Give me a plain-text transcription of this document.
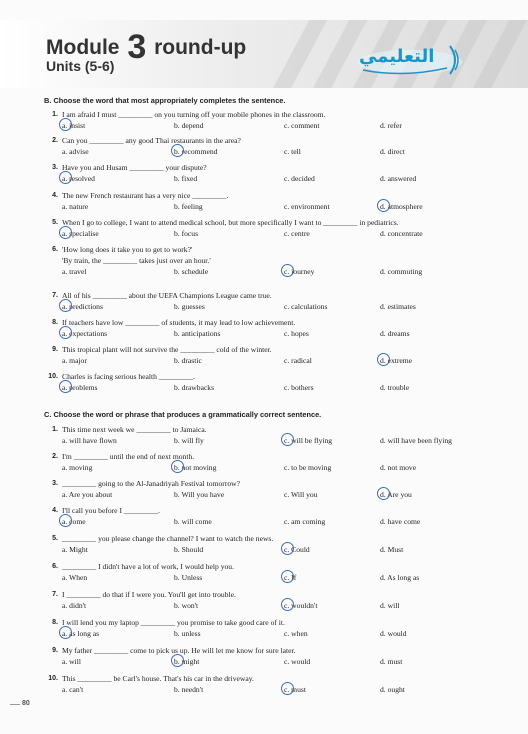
Module 3 round-up
Units (5-6)	التعليمي
B. Choose the word that most appropriately completes the sentence.
1. I am afraid I must _________ on you turning off your mobile phones in the classroom.
a. insist	b. depend	c. comment	d. refer
2. Can you _________ any good Thai restaurants in the area?
a. advise	b. recommend	c. tell	d. direct
3. Have you and Husam _________ your dispute?
a. resolved	b. fixed	c. decided	d. answered
4. The new French restaurant has a very nice _________.
a. nature	b. feeling	c. environment	d. atmosphere
5. When I go to college, I want to attend medical school, but more specifically I want to _________ in pediatrics.
a. specialise	b. focus	c. centre	d. concentrate
6. 'How long does it take you to get to work?'
'By train, the _________ takes just over an hour.'
a. travel	b. schedule	c. journey	d. commuting
7. All of his _________ about the UEFA Champions League came true.
a. predictions	b. guesses	c. calculations	d. estimates
8. If teachers have low _________ of students, it may lead to low achievement.
a. expectations	b. anticipations	c. hopes	d. dreams
9. This tropical plant will not survive the _________ cold of the winter.
a. major	b. drastic	c. radical	d. extreme
10. Charles is facing serious health _________.
a. problems	b. drawbacks	c. bothers	d. trouble
C. Choose the word or phrase that produces a grammatically correct sentence.
1. This time next week we _________ to Jamaica.
a. will have flown	b. will fly	c. will be flying	d. will have been flying
2. I'm _________ until the end of next month.
a. moving	b. not moving	c. to be moving	d. not move
3. _________ going to the Al-Janadriyah Festival tomorrow?
a. Are you about	b. Will you have	c. Will you	d. Are you
4. I'll call you before I _________.
a. come	b. will come	c. am coming	d. have come
5. _________ you please change the channel? I want to watch the news.
a. Might	b. Should	c. Could	d. Must
6. _________ I didn't have a lot of work, I would help you.
a. When	b. Unless	c. If	d. As long as
7. I _________ do that if I were you. You'll get into trouble.
a. didn't	b. won't	c. wouldn't	d. will
8. I will lend you my laptop _________ you promise to take good care of it.
a. as long as	b. unless	c. when	d. would
9. My father _________ come to pick us up. He will let me know for sure later.
a. will	b. might	c. would	d. must
10. This _________ be Carl's house. That's his car in the driveway.
a. can't	b. needn't	c. must	d. ought
80
